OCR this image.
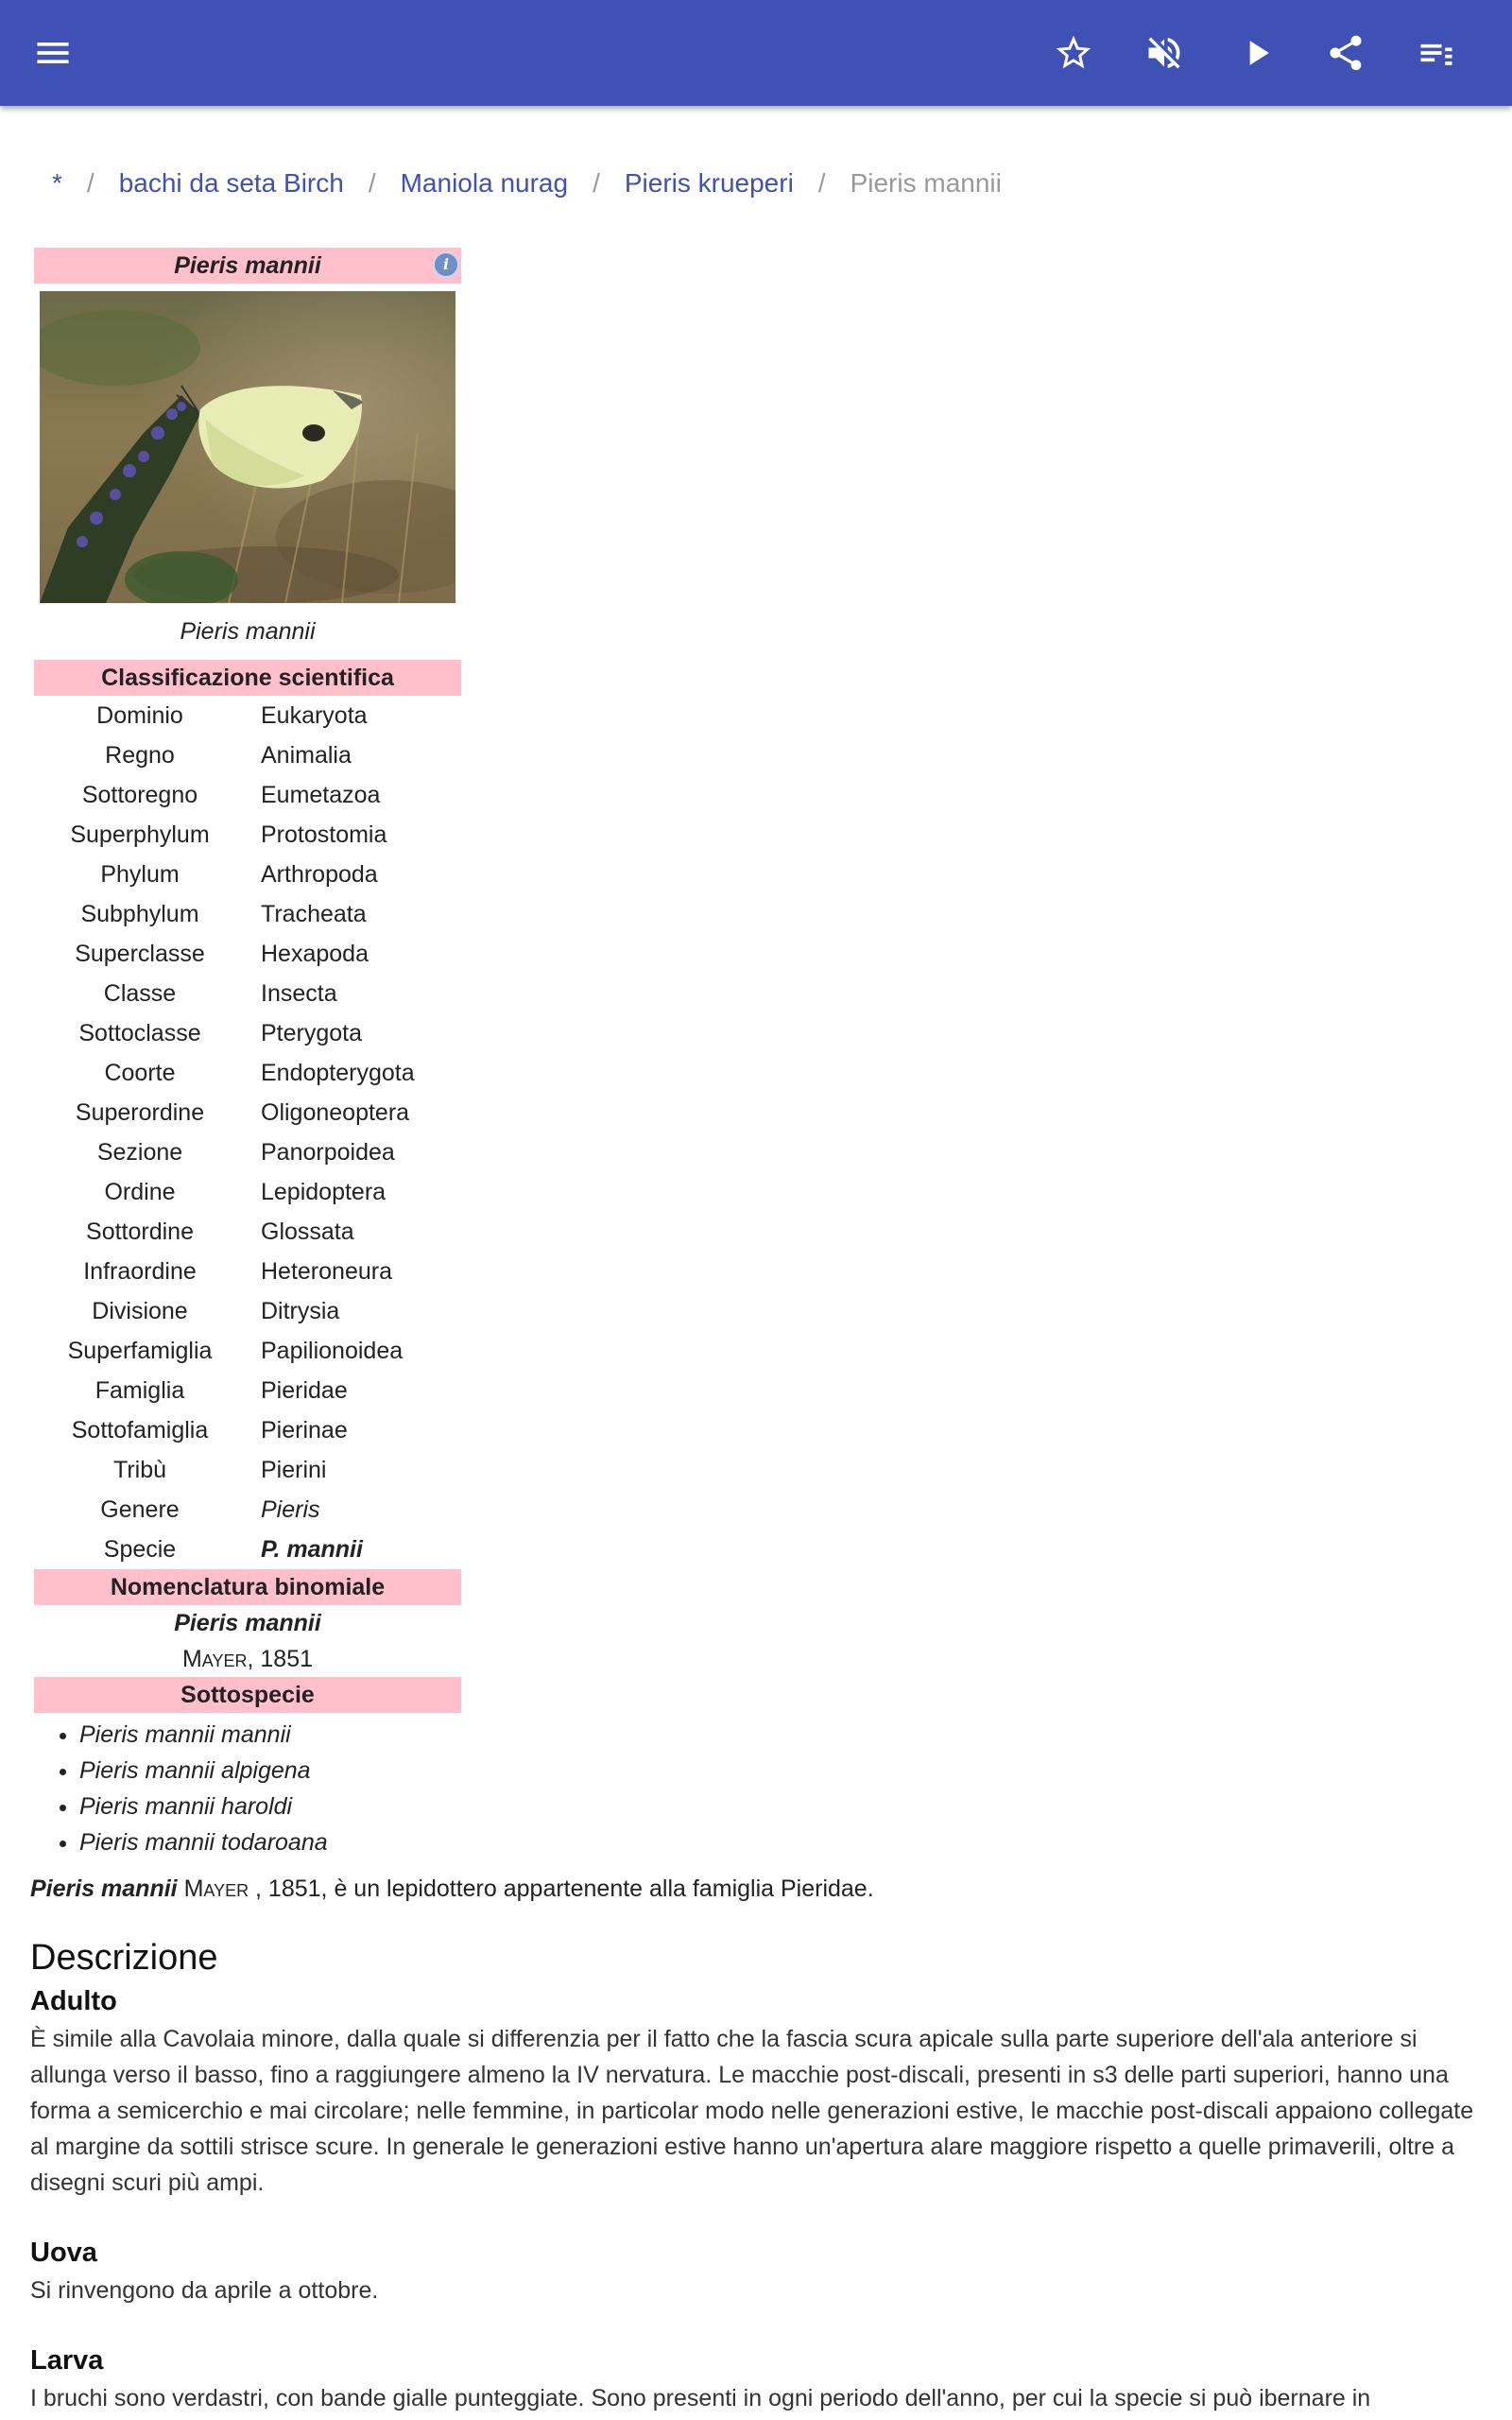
* / bachi da seta Birch / Maniola nurag / Pieris krueperi / Pieris mannii
Pieris mannii	i
Pieris mannii
Classificazione scientifica
Dominio	Eukaryota
Regno	Animalia
Sottoregno	Eumetazoa
Superphylum	Protostomia
Phylum	Arthropoda
Subphylum	Tracheata
Superclasse	Hexapoda
Classe	Insecta
Sottoclasse	Pterygota
Coorte	Endopterygota
Superordine	Oligoneoptera
Sezione	Panorpoidea
Ordine	Lepidoptera
Sottordine	Glossata
Infraordine	Heteroneura
Divisione	Ditrysia
Superfamiglia	Papilionoidea
Famiglia	Pieridae
Sottofamiglia	Pierinae
Tribù	Pierini
Genere	Pieris
Specie	P. mannii
Nomenclatura binomiale
Pieris mannii
Mayer, 1851
Sottospecie
• Pieris mannii mannii
• Pieris mannii alpigena
• Pieris mannii haroldi
• Pieris mannii todaroana
Pieris mannii Mayer , 1851, è un lepidottero appartenente alla famiglia Pieridae.
Descrizione
Adulto

È simile alla Cavolaia minore, dalla quale si differenzia per il fatto che la fascia scura apicale sulla parte superiore dell'ala anteriore si allunga verso il basso, fino a raggiungere almeno la IV nervatura. Le macchie post-discali, presenti in s3 delle parti superiori, hanno una forma a semicerchio e mai circolare; nelle femmine, in particolar modo nelle generazioni estive, le macchie post-discali appaiono collegate al margine da sottili strisce scure. In generale le generazioni estive hanno un'apertura alare maggiore rispetto a quelle primaverili, oltre a disegni scuri più ampi.

Uova

Si rinvengono da aprile a ottobre.

Larva

I bruchi sono verdastri, con bande gialle punteggiate. Sono presenti in ogni periodo dell'anno, per cui la specie si può ibernare in
